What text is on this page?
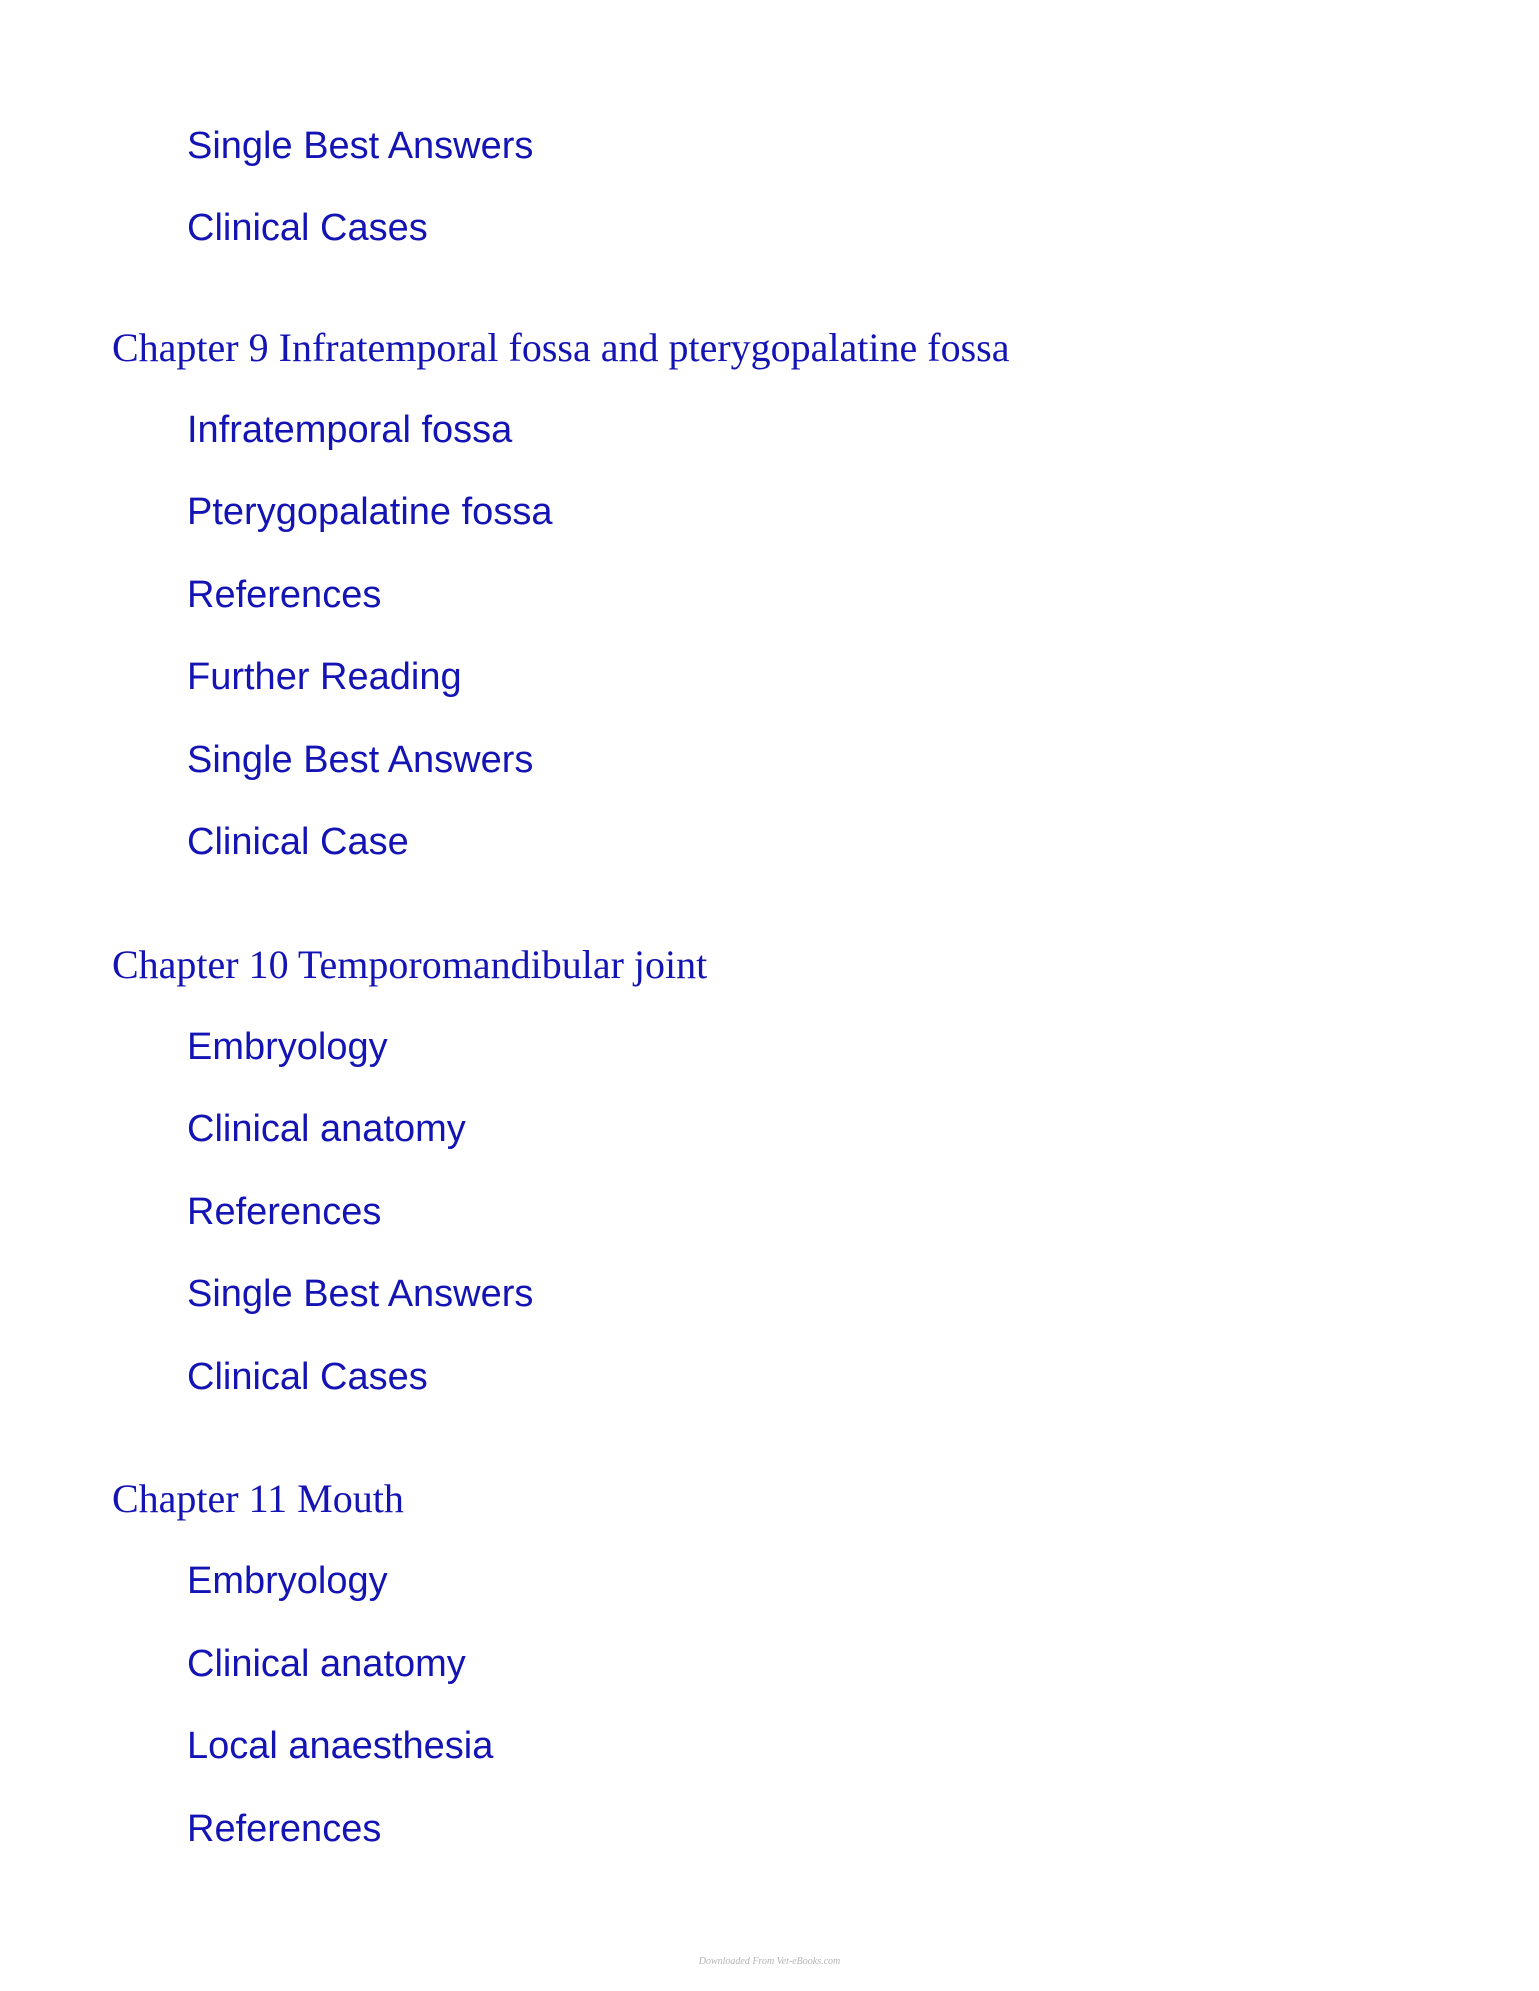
Single Best Answers
Clinical Cases
Chapter 9 Infratemporal fossa and pterygopalatine fossa
Infratemporal fossa
Pterygopalatine fossa
References
Further Reading
Single Best Answers
Clinical Case
Chapter 10 Temporomandibular joint
Embryology
Clinical anatomy
References
Single Best Answers
Clinical Cases
Chapter 11 Mouth
Embryology
Clinical anatomy
Local anaesthesia
References
Downloaded From Vet-eBooks.com
